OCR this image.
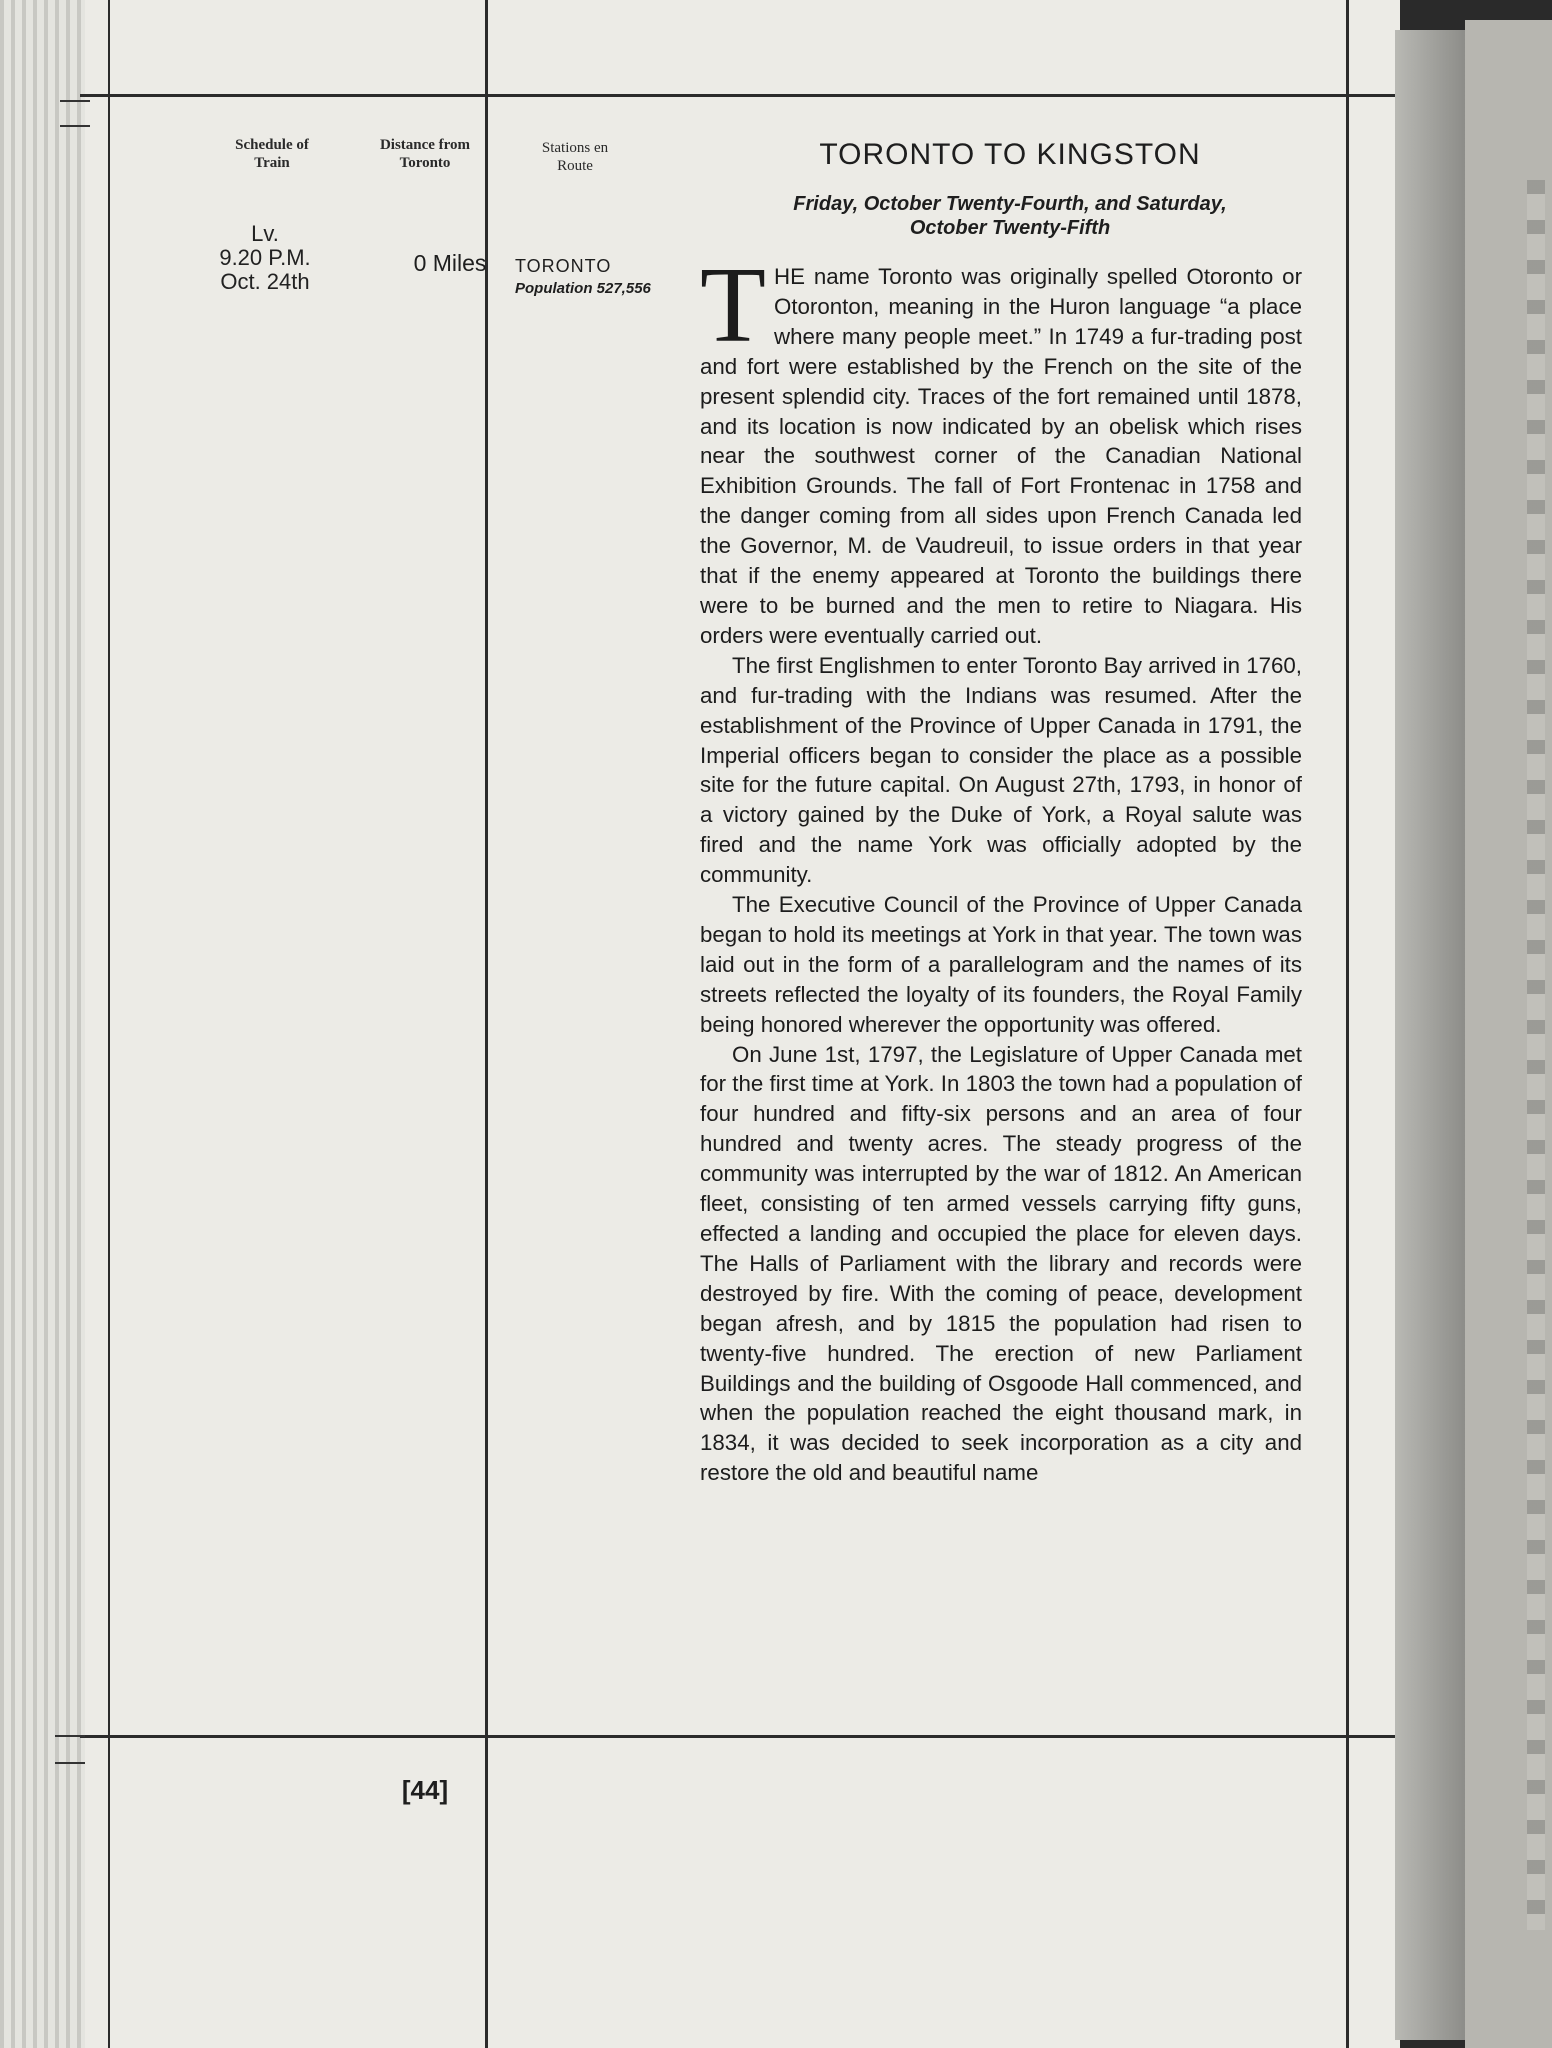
Schedule of
Train
Distance from
Toronto
Stations en
Route
Lv.
9.20 P.M.
Oct. 24th
0 Miles	TORONTO
Population 527,556
TORONTO TO KINGSTON
Friday, October Twenty-Fourth, and Saturday,
October Twenty-Fifth

THE name Toronto was originally spelled Otoronto or Otoronton, meaning in the Huron language “a place where many people meet.” In 1749 a fur-trading post and fort were established by the French on the site of the present splendid city. Traces of the fort remained until 1878, and its location is now indicated by an obelisk which rises near the southwest corner of the Canadian National Exhibition Grounds. The fall of Fort Frontenac in 1758 and the danger coming from all sides upon French Canada led the Governor, M. de Vaudreuil, to issue orders in that year that if the enemy appeared at Toronto the buildings there were to be burned and the men to retire to Niagara. His orders were eventually carried out.

The first Englishmen to enter Toronto Bay arrived in 1760, and fur-trading with the Indians was resumed. After the establishment of the Province of Upper Canada in 1791, the Imperial officers began to consider the place as a possible site for the future capital. On August 27th, 1793, in honor of a victory gained by the Duke of York, a Royal salute was fired and the name York was officially adopted by the community.

The Executive Council of the Province of Upper Canada began to hold its meetings at York in that year. The town was laid out in the form of a parallelogram and the names of its streets reflected the loyalty of its founders, the Royal Family being honored wherever the opportunity was offered.

On June 1st, 1797, the Legislature of Upper Canada met for the first time at York. In 1803 the town had a population of four hundred and fifty-six persons and an area of four hundred and twenty acres. The steady progress of the community was interrupted by the war of 1812. An American fleet, consisting of ten armed vessels carrying fifty guns, effected a landing and occupied the place for eleven days. The Halls of Parliament with the library and records were destroyed by fire. With the coming of peace, development began afresh, and by 1815 the population had risen to twenty-five hundred. The erection of new Parliament Buildings and the building of Osgoode Hall commenced, and when the population reached the eight thousand mark, in 1834, it was decided to seek incorporation as a city and restore the old and beautiful name

[44]
